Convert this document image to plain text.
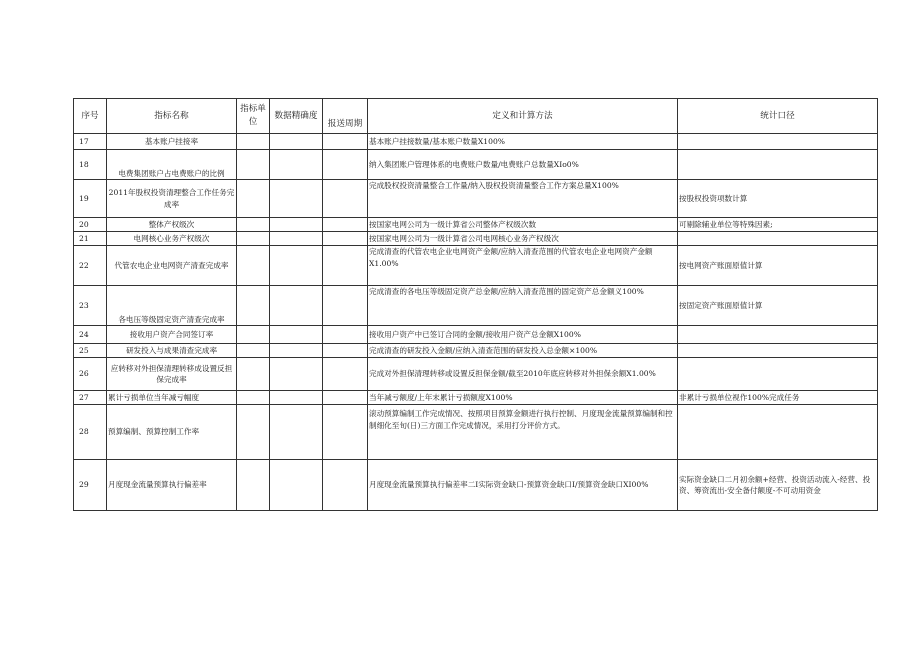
序号	指标名称	指标单位	数据精确度	报送周期	定义和计算方法	统计口径
17	基本账户挂接率				基本账户挂接数量/基本账户数量X100%	
18	电费集团账户占电费账户的比例				纳入集团账户管理体系的电费账户数量/电费账户总数量XIo0%	
19	2011年股权投资清理整合工作任务完成率				完成股权投资清量整合工作量/纳入股权投资清量整合工作方案总量X100%	按股权投资项数计算
20	整体产权级次				按国家电网公司为一级计算省公司整体产权级次数	可剔除辅业单位等特殊因素;
21	电网核心业务产权级次				按国家电网公司为一级计算省公司电网核心业务产权级次	
22	代管农电企业电网资产清查完成率				完成清查的代管农电企业电网资产金额/应纳入清查范围的代管农电企业电网资产金额X1.00%	按电网资产账面原值计算
23	各电压等级固定资产清查完成率				完成清查的各电压等级固定资产总金额/应纳入清查范围的固定资产总金额义100%	按固定资产账面原值计算
24	接收用户资产合同签订率				接收用户资产中已签订合同的金额/接收用户资产总金额X100%	
25	研发投入与成果清查完成率				完成清查的研发投入金额/应纳入清查范围的研发投入总金额×100%	
26	应转移对外担保清理转移成设置反担保完成率				完成对外担保清理转移或设置反担保金额/截至2010年底应转移对外担保余额X1.00%	
27	累计亏损单位当年减亏幅度				当年减亏额度/上年末累计亏损额度X100%	非累计亏损单位视作100%完成任务
28	预算编制、预算控制工作率				滚动预算编制工作完成情况、按照项目预算金额进行执行控制、月度现金流量预算编制和控制细化至旬(日)三方面工作完成情况，采用打分评价方式。	
29	月度现金流量预算执行偏差率				月度现金流量预算执行偏差率二I实际资金缺口-预算资金缺口I/预算资金缺口XI00%	实际资金缺口二月初余额+经营、投资活动流入-经营、投资、筹资流出-安全备付额度-不可动用资金
